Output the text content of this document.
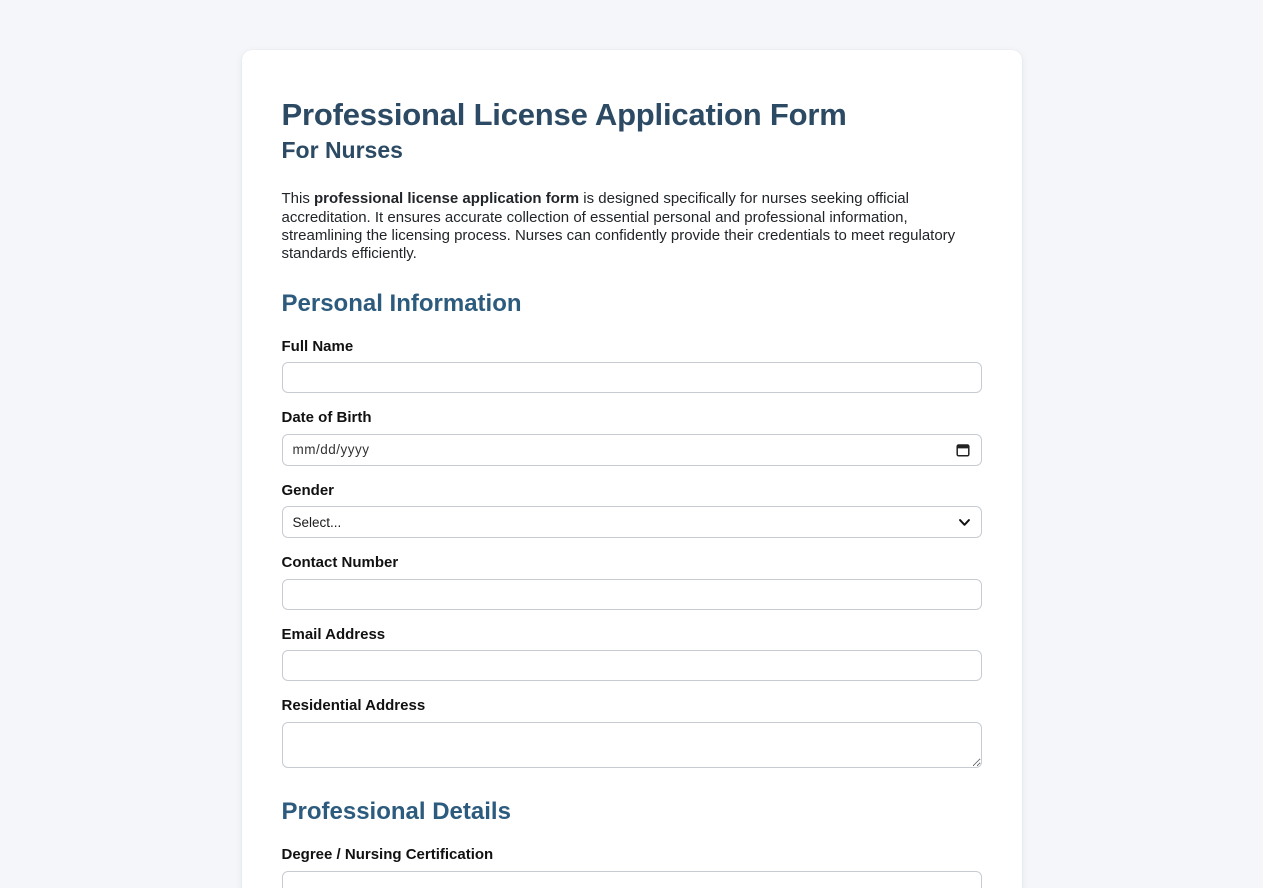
Professional License Application Form
For Nurses

This professional license application form is designed specifically for nurses seeking official accreditation. It ensures accurate collection of essential personal and professional information, streamlining the licensing process. Nurses can confidently provide their credentials to meet regulatory standards efficiently.

Personal Information
Full Name
Date of Birth
mm/dd/yyyy
Gender
Select...
Contact Number
Email Address
Residential Address
Professional Details
Degree / Nursing Certification
